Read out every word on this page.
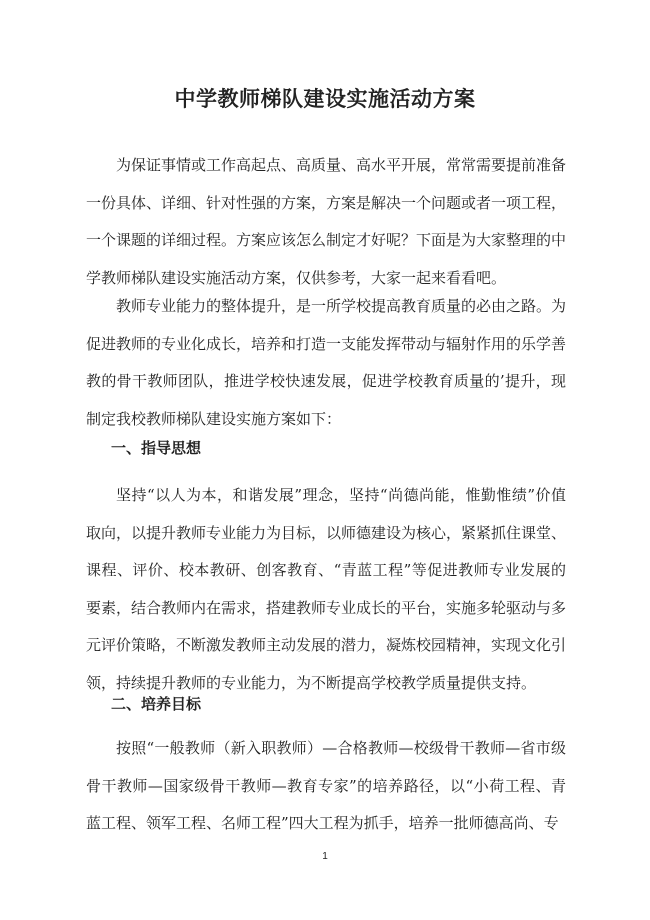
中学教师梯队建设实施活动方案
为保证事情或工作高起点、高质量、高水平开展，常常需要提前准备一份具体、详细、针对性强的方案，方案是解决一个问题或者一项工程，一个课题的详细过程。方案应该怎么制定才好呢？下面是为大家整理的中学教师梯队建设实施活动方案，仅供参考，大家一起来看看吧。
教师专业能力的整体提升，是一所学校提高教育质量的必由之路。为促进教师的专业化成长，培养和打造一支能发挥带动与辐射作用的乐学善教的骨干教师团队，推进学校快速发展，促进学校教育质量的’提升，现制定我校教师梯队建设实施方案如下：
一、指导思想
坚持“以人为本，和谐发展”理念，坚持“尚德尚能，惟勤惟绩”价值取向，以提升教师专业能力为目标，以师德建设为核心，紧紧抓住课堂、课程、评价、校本教研、创客教育、“青蓝工程”等促进教师专业发展的要素，结合教师内在需求，搭建教师专业成长的平台，实施多轮驱动与多元评价策略，不断激发教师主动发展的潜力，凝炼校园精神，实现文化引领，持续提升教师的专业能力，为不断提高学校教学质量提供支持。
二、培养目标
按照“一般教师（新入职教师）—合格教师—校级骨干教师—省市级骨干教师—国家级骨干教师—教育专家”的培养路径，以“小荷工程、青蓝工程、领军工程、名师工程”四大工程为抓手，培养一批师德高尚、专
1
